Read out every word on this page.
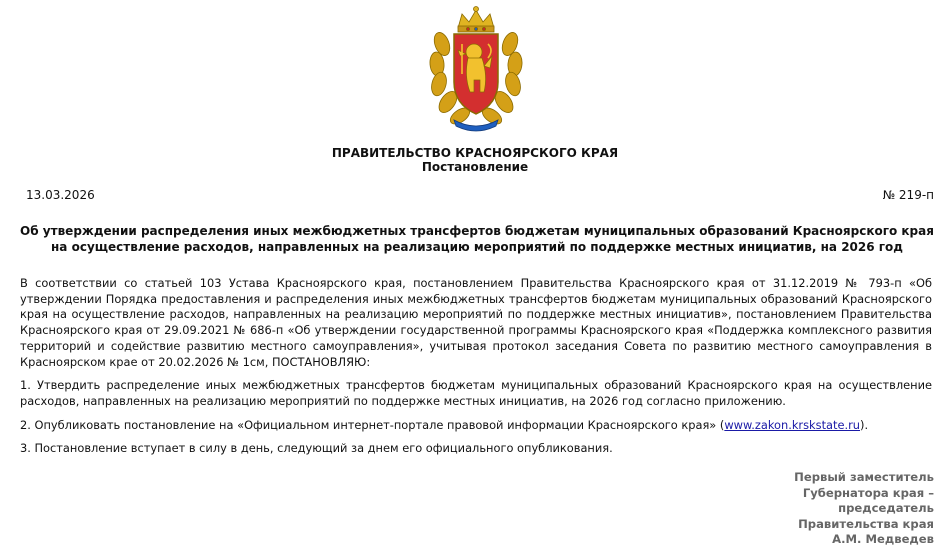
ПРАВИТЕЛЬСТВО КРАСНОЯРСКОГО КРАЯ
Постановление
13.03.2026	№ 219-п
Об утверждении распределения иных межбюджетных трансфертов бюджетам муниципальных образований Красноярского края
на осуществление расходов, направленных на реализацию мероприятий по поддержке местных инициатив, на 2026 год

В соответствии со статьей 103 Устава Красноярского края, постановлением Правительства Красноярского края от 31.12.2019 № 793-п «Об утверждении Порядка предоставления и распределения иных межбюджетных трансфертов бюджетам муниципальных образований Красноярского края на осуществление расходов, направленных на реализацию мероприятий по поддержке местных инициатив», постановлением Правительства Красноярского края от 29.09.2021 № 686-п «Об утверждении государственной программы Красноярского края «Поддержка комплексного развития территорий и содействие развитию местного самоуправления», учитывая протокол заседания Совета по развитию местного самоуправления в Красноярском крае от 20.02.2026 № 1см, ПОСТАНОВЛЯЮ:

1. Утвердить распределение иных межбюджетных трансфертов бюджетам муниципальных образований Красноярского края на осуществление расходов, направленных на реализацию мероприятий по поддержке местных инициатив, на 2026 год согласно приложению.

2. Опубликовать постановление на «Официальном интернет-портале правовой информации Красноярского края» (www.zakon.krskstate.ru).

3. Постановление вступает в силу в день, следующий за днем его официального опубликования.

Первый заместитель
Губернатора края –
председатель
Правительства края
А.М. Медведев
